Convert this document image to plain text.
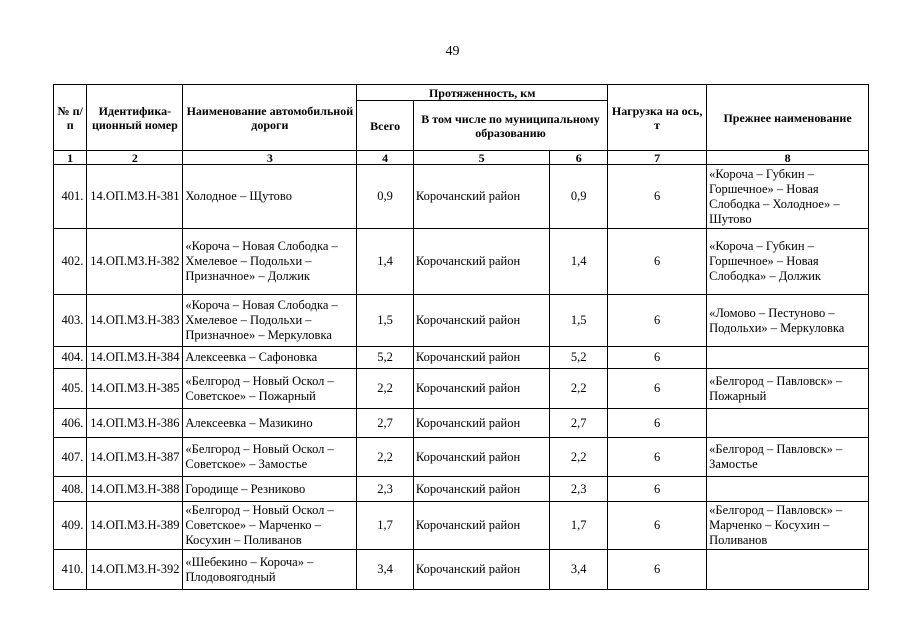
49
№ п/п	Идентифика-ционный номер	Наименование автомобильной дороги	Протяженность, км			Нагрузка на ось, т	Прежнее наименование
			Всего	В том числе по муниципальному образованию			
1	2	3	4	5	6	7	8
401.	14.ОП.МЗ.Н-381	Холодное – Щутово	0,9	Корочанский район	0,9	6	«Короча – Губкин – Горшечное» – Новая Слободка – Холодное» – Шутово
402.	14.ОП.МЗ.Н-382	«Короча – Новая Слободка – Хмелевое – Подольхи – Призначное» – Должик	1,4	Корочанский район	1,4	6	«Короча – Губкин – Горшечное» – Новая Слободка» – Должик
403.	14.ОП.МЗ.Н-383	«Короча – Новая Слободка – Хмелевое – Подольхи – Призначное» – Меркуловка	1,5	Корочанский район	1,5	6	«Ломово – Пестуново – Подольхи» – Меркуловка
404.	14.ОП.МЗ.Н-384	Алексеевка – Сафоновка	5,2	Корочанский район	5,2	6	
405.	14.ОП.МЗ.Н-385	«Белгород – Новый Оскол – Советское» – Пожарный	2,2	Корочанский район	2,2	6	«Белгород – Павловск» – Пожарный
406.	14.ОП.МЗ.Н-386	Алексеевка – Мазикино	2,7	Корочанский район	2,7	6	
407.	14.ОП.МЗ.Н-387	«Белгород – Новый Оскол – Советское» – Замостье	2,2	Корочанский район	2,2	6	«Белгород – Павловск» – Замостье
408.	14.ОП.МЗ.Н-388	Городище – Резниково	2,3	Корочанский район	2,3	6	
409.	14.ОП.МЗ.Н-389	«Белгород – Новый Оскол – Советское» – Марченко – Косухин – Поливанов	1,7	Корочанский район	1,7	6	«Белгород – Павловск» – Марченко – Косухин – Поливанов
410.	14.ОП.МЗ.Н-392	«Шебекино – Короча» – Плодовоягодный	3,4	Корочанский район	3,4	6	
